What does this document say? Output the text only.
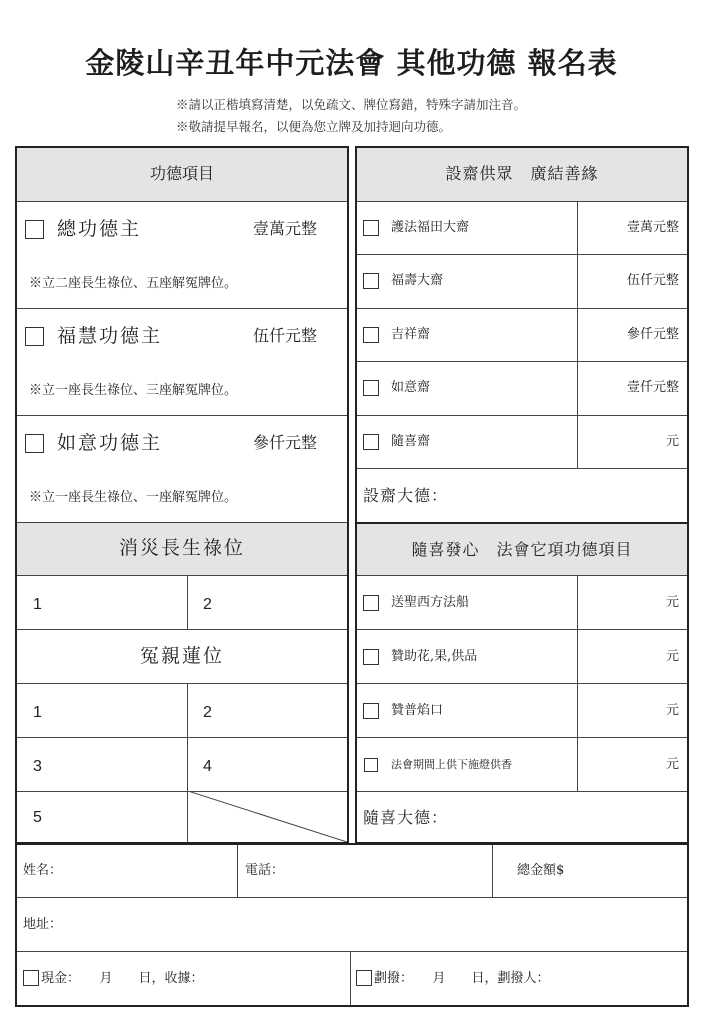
金陵山辛丑年中元法會 其他功德 報名表
※請以正楷填寫清楚，以免疏文、牌位寫錯，特殊字請加注音。
※敬請提早報名，以便為您立牌及加持迴向功德。
功德項目
總功德主	壹萬元整
※立二座長生祿位、五座解冤牌位。
福慧功德主	伍仟元整
※立一座長生祿位、三座解冤牌位。
如意功德主	參仟元整
※立一座長生祿位、一座解冤牌位。
消災長生祿位
1	2
冤親蓮位
1	2
3	4
5
設齋供眾　廣結善緣
護法福田大齋	壹萬元整
福壽大齋	伍仟元整
吉祥齋	參仟元整
如意齋	壹仟元整
隨喜齋	元
設齋大德：
隨喜發心　法會它項功德項目
送聖西方法船	元
贊助花,果,供品	元
贊普焰口	元
法會期間上供下施燈供香	元
隨喜大德：
姓名：	電話：	總金額$
地址：
現金：　　月　　日，收據：	劃撥：　　月　　日，劃撥人：
